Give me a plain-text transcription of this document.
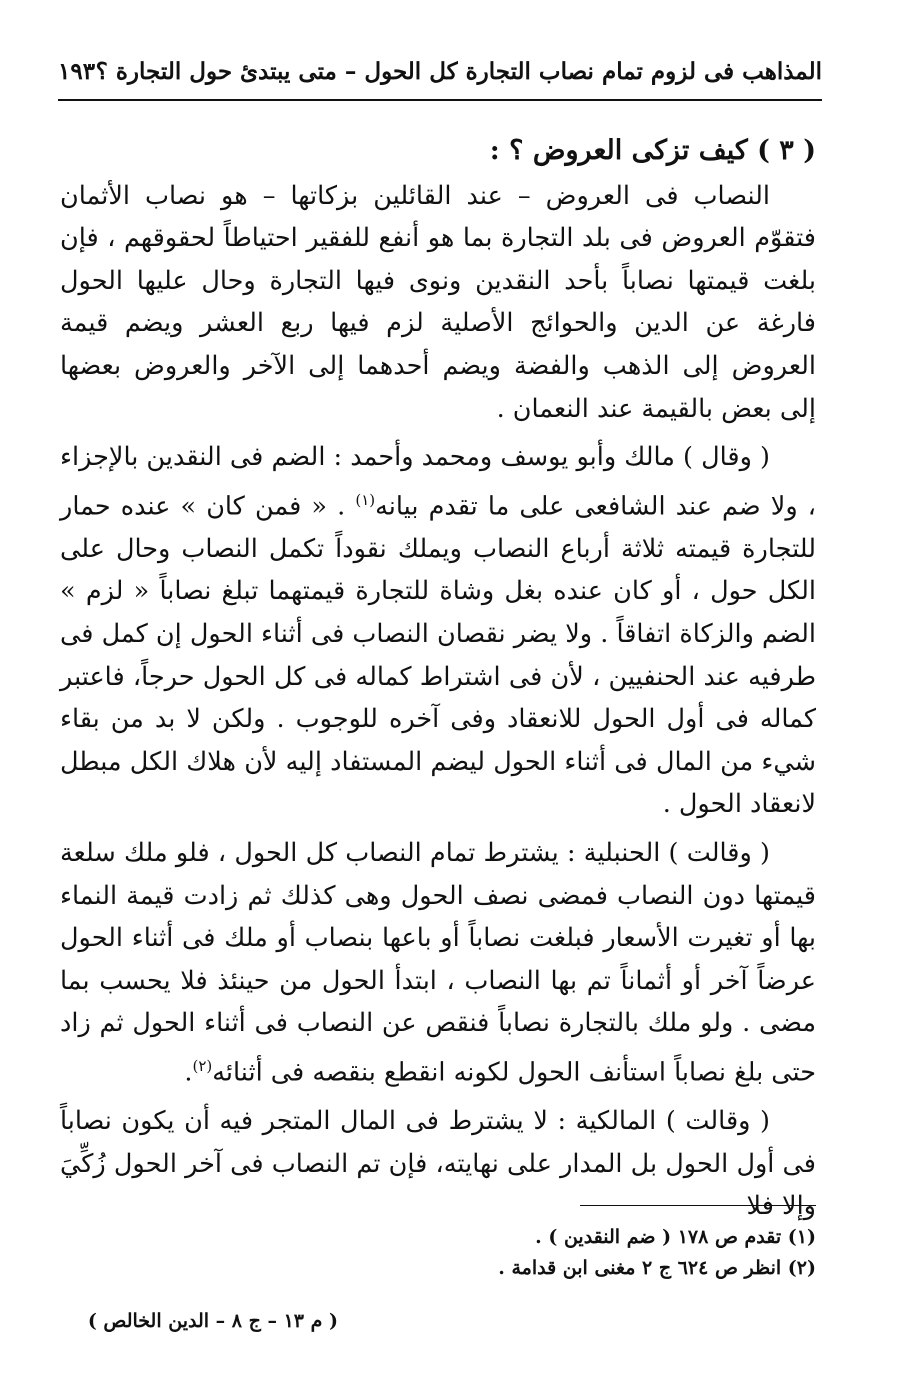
المذاهب فى لزوم تمام نصاب التجارة كل الحول – متى يبتدئ حول التجارة ؟
١٩٣
( ٣ ) كيف تزكى العروض ؟ :

النصاب فى العروض – عند القائلين بزكاتها – هو نصاب الأثمان فتقوّم العروض فى بلد التجارة بما هو أنفع للفقير احتياطاً لحقوقهم ، فإن بلغت قيمتها نصاباً بأحد النقدين ونوى فيها التجارة وحال عليها الحول فارغة عن الدين والحوائج الأصلية لزم فيها ربع العشر ويضم قيمة العروض إلى الذهب والفضة ويضم أحدهما إلى الآخر والعروض بعضها إلى بعض بالقيمة عند النعمان .

( وقال ) مالك وأبو يوسف ومحمد وأحمد : الضم فى النقدين بالإجزاء ، ولا ضم عند الشافعى على ما تقدم بيانه$^{(١)}$ . « فمن كان » عنده حمار للتجارة قيمته ثلاثة أرباع النصاب ويملك نقوداً تكمل النصاب وحال على الكل حول ، أو كان عنده بغل وشاة للتجارة قيمتهما تبلغ نصاباً « لزم » الضم والزكاة اتفاقاً . ولا يضر نقصان النصاب فى أثناء الحول إن كمل فى طرفيه عند الحنفيين ، لأن فى اشتراط كماله فى كل الحول حرجاً، فاعتبر كماله فى أول الحول للانعقاد وفى آخره للوجوب . ولكن لا بد من بقاء شيء من المال فى أثناء الحول ليضم المستفاد إليه لأن هلاك الكل مبطل لانعقاد الحول .

( وقالت ) الحنبلية : يشترط تمام النصاب كل الحول ، فلو ملك سلعة قيمتها دون النصاب فمضى نصف الحول وهى كذلك ثم زادت قيمة النماء بها أو تغيرت الأسعار فبلغت نصاباً أو باعها بنصاب أو ملك فى أثناء الحول عرضاً آخر أو أثماناً تم بها النصاب ، ابتدأ الحول من حينئذ فلا يحسب بما مضى . ولو ملك بالتجارة نصاباً فنقص عن النصاب فى أثناء الحول ثم زاد حتى بلغ نصاباً استأنف الحول لكونه انقطع بنقصه فى أثنائه$^{(٢)}$.

( وقالت ) المالكية : لا يشترط فى المال المتجر فيه أن يكون نصاباً فى أول الحول بل المدار على نهايته، فإن تم النصاب فى آخر الحول زُكِّيَ وإلا فلا

(١) تقدم ص ١٧٨ ( ضم النقدين ) .
(٢) انظر ص ٦٢٤ ج ٢ مغنى ابن قدامة .
( م ١٣ – ج ٨ – الدين الخالص )
